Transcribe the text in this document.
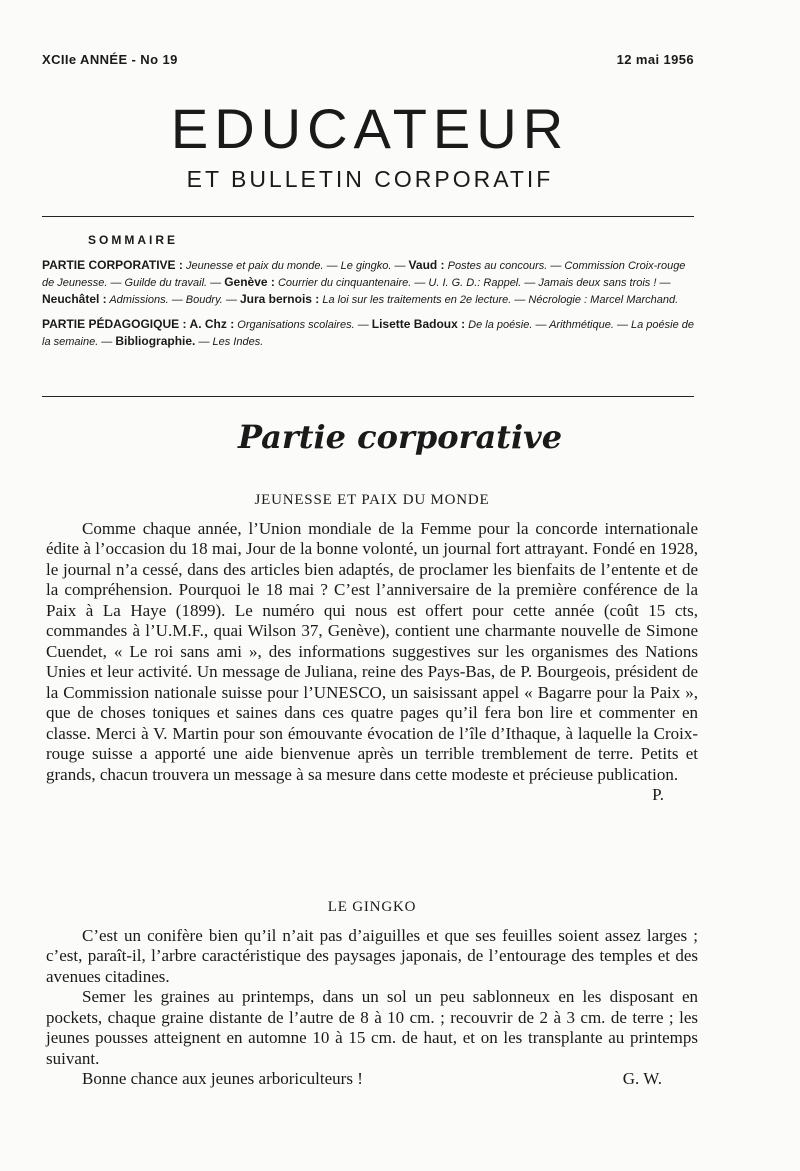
XCIIe ANNÉE - No 19	12 mai 1956
EDUCATEUR
ET BULLETIN CORPORATIF
SOMMAIRE
PARTIE CORPORATIVE : Jeunesse et paix du monde. — Le gingko. — Vaud : Postes au concours. — Commission Croix-rouge de Jeunesse. — Guilde du travail. — Genève : Courrier du cinquantenaire. — U. I. G. D.: Rappel. — Jamais deux sans trois ! — Neuchâtel : Admissions. — Boudry. — Jura bernois : La loi sur les traitements en 2e lecture. — Nécrologie : Marcel Marchand.
PARTIE PÉDAGOGIQUE : A. Chz : Organisations scolaires. — Lisette Badoux : De la poésie. — Arithmétique. — La poésie de la semaine. — Bibliographie. — Les Indes.
Partie corporative
JEUNESSE ET PAIX DU MONDE

Comme chaque année, l’Union mondiale de la Femme pour la concorde internationale édite à l’occasion du 18 mai, Jour de la bonne volonté, un journal fort attrayant. Fondé en 1928, le journal n’a cessé, dans des articles bien adaptés, de proclamer les bienfaits de l’entente et de la compréhension. Pourquoi le 18 mai ? C’est l’anniversaire de la première conférence de la Paix à La Haye (1899). Le numéro qui nous est offert pour cette année (coût 15 cts, commandes à l’U.M.F., quai Wilson 37, Genève), contient une charmante nouvelle de Simone Cuendet, « Le roi sans ami », des informations suggestives sur les organismes des Nations Unies et leur activité. Un message de Juliana, reine des Pays-Bas, de P. Bourgeois, président de la Commission nationale suisse pour l’UNESCO, un saisissant appel « Bagarre pour la Paix », que de choses toniques et saines dans ces quatre pages qu’il fera bon lire et commenter en classe. Merci à V. Martin pour son émouvante évocation de l’île d’Ithaque, à laquelle la Croix-rouge suisse a apporté une aide bienvenue après un terrible tremblement de terre. Petits et grands, chacun trouvera un message à sa mesure dans cette modeste et précieuse publication.

P.
LE GINGKO

C’est un conifère bien qu’il n’ait pas d’aiguilles et que ses feuilles soient assez larges ; c’est, paraît-il, l’arbre caractéristique des paysages japonais, de l’entourage des temples et des avenues citadines.

Semer les graines au printemps, dans un sol un peu sablonneux en les disposant en pockets, chaque graine distante de l’autre de 8 à 10 cm. ; recouvrir de 2 à 3 cm. de terre ; les jeunes pousses atteignent en automne 10 à 15 cm. de haut, et on les transplante au printemps suivant.

Bonne chance aux jeunes arboriculteurs !	G. W.
